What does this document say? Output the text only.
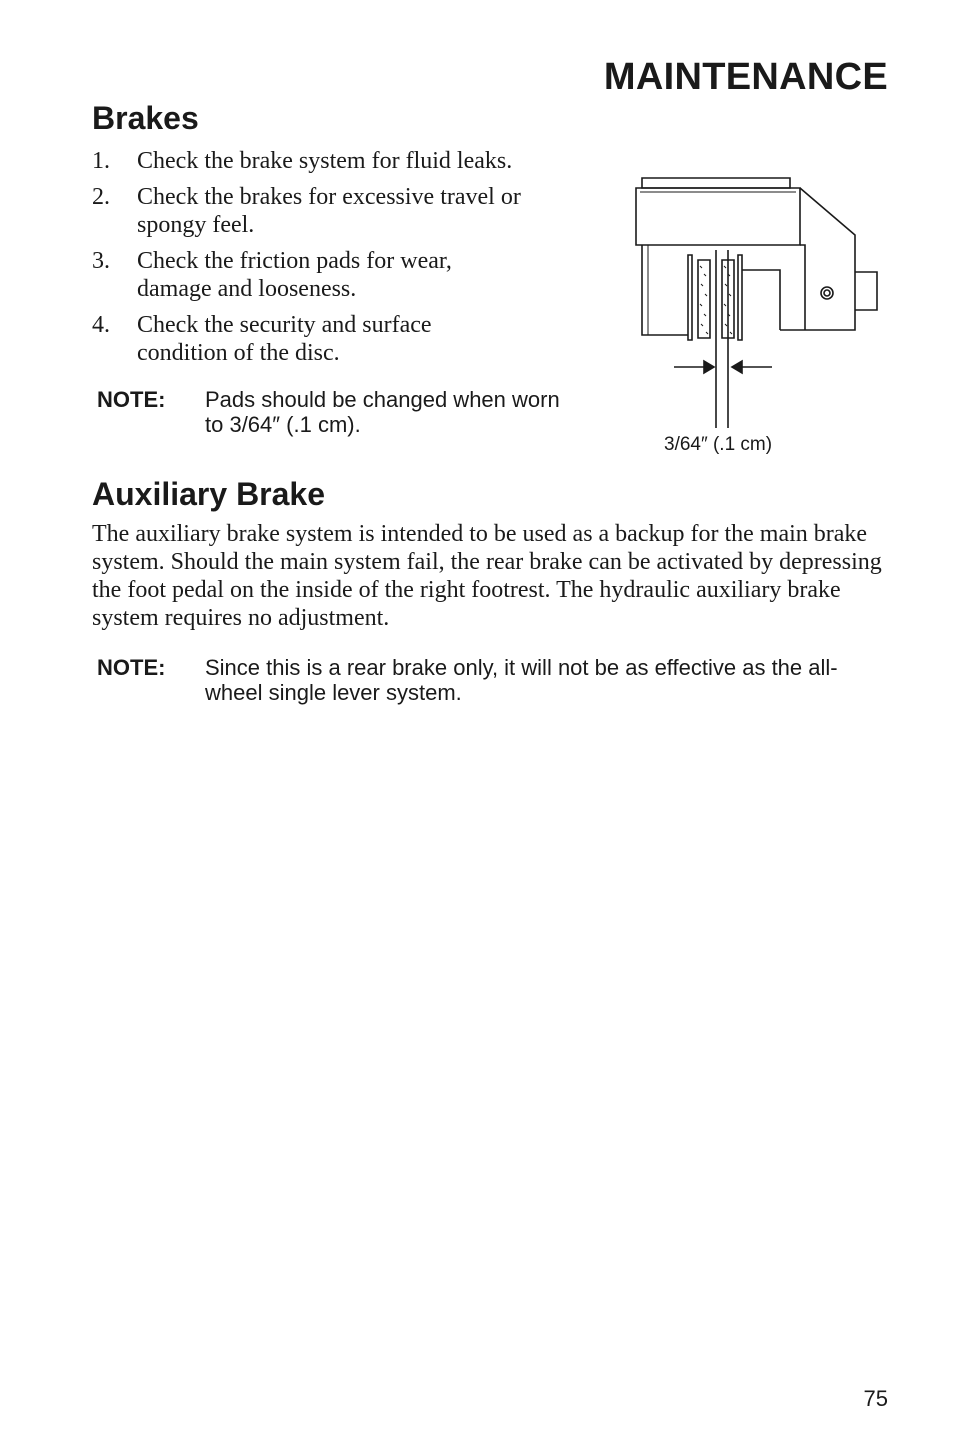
MAINTENANCE
Brakes
1. Check the brake system for fluid leaks.
2. Check the brakes for excessive travel or spongy feel.
3. Check the friction pads for wear, damage and looseness.
4. Check the security and surface condition of the disc.
NOTE: Pads should be changed when worn to 3/64″ (.1 cm).
3/64″ (.1 cm)
Auxiliary Brake

The auxiliary brake system is intended to be used as a backup for the main brake system. Should the main system fail, the rear brake can be activated by depressing the foot pedal on the inside of the right footrest. The hydraulic auxiliary brake system requires no adjustment.

NOTE: Since this is a rear brake only, it will not be as effective as the all-wheel single lever system.
75
